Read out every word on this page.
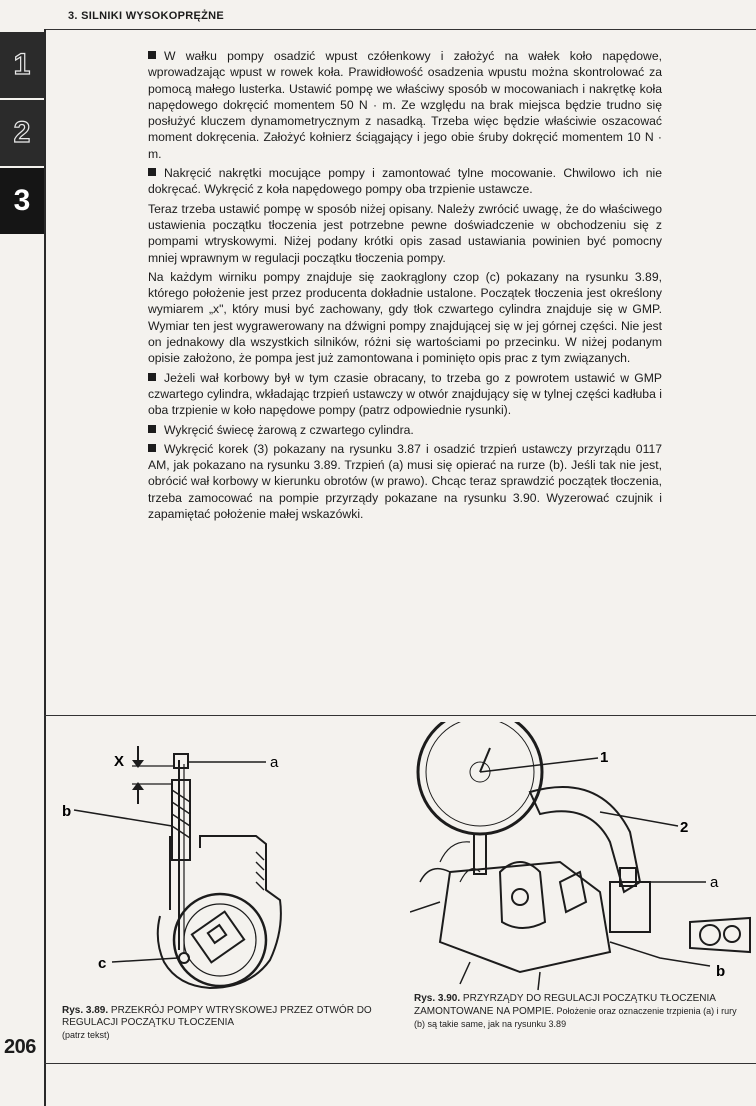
3. SILNIKI WYSOKOPRĘŻNE
1
2
3

W wałku pompy osadzić wpust czółenkowy i założyć na wałek koło napędowe, wprowadzając wpust w rowek koła. Prawidłowość osadzenia wpustu można skontrolować za pomocą małego lusterka. Ustawić pompę we właściwy sposób w mocowaniach i nakrętkę koła napędowego dokręcić momentem 50 N · m. Ze względu na brak miejsca będzie trudno się posłużyć kluczem dynamometrycznym z nasadką. Trzeba więc będzie właściwie oszacować moment dokręcenia. Założyć kołnierz ściągający i jego obie śruby dokręcić momentem 10 N · m.

Nakręcić nakrętki mocujące pompy i zamontować tylne mocowanie. Chwilowo ich nie dokręcać. Wykręcić z koła napędowego pompy oba trzpienie ustawcze.

Teraz trzeba ustawić pompę w sposób niżej opisany. Należy zwrócić uwagę, że do właściwego ustawienia początku tłoczenia jest potrzebne pewne doświadczenie w obchodzeniu się z pompami wtryskowymi. Niżej podany krótki opis zasad ustawiania powinien być pomocny mniej wprawnym w regulacji początku tłoczenia pompy.

Na każdym wirniku pompy znajduje się zaokrąglony czop (c) pokazany na rysunku 3.89, którego położenie jest przez producenta dokładnie ustalone. Początek tłoczenia jest określony wymiarem „x", który musi być zachowany, gdy tłok czwartego cylindra znajduje się w GMP. Wymiar ten jest wygrawerowany na dźwigni pompy znajdującej się w jej górnej części. Nie jest on jednakowy dla wszystkich silników, różni się wartościami po przecinku. W niżej podanym opisie założono, że pompa jest już zamontowana i pominięto opis prac z tym związanych.

Jeżeli wał korbowy był w tym czasie obracany, to trzeba go z powrotem ustawić w GMP czwartego cylindra, wkładając trzpień ustawczy w otwór znajdujący się w tylnej części kadłuba i oba trzpienie w koło napędowe pompy (patrz odpowiednie rysunki).

Wykręcić świecę żarową z czwartego cylindra.

Wykręcić korek (3) pokazany na rysunku 3.87 i osadzić trzpień ustawczy przyrządu 0117 AM, jak pokazano na rysunku 3.89. Trzpień (a) musi się opierać na rurze (b). Jeśli tak nie jest, obrócić wał korbowy w kierunku obrotów (w prawo). Chcąc teraz sprawdzić początek tłoczenia, trzeba zamocować na pompie przyrządy pokazane na rysunku 3.90. Wyzerować czujnik i zapamiętać położenie małej wskazówki.

X	a
b
c
1
2
a
b
Rys. 3.89. PRZEKRÓJ POMPY WTRYSKOWEJ PRZEZ OTWÓR DO REGULACJI POCZĄTKU TŁOCZENIA
(patrz tekst)
Rys. 3.90. PRZYRZĄDY DO REGULACJI POCZĄTKU TŁOCZENIA ZAMONTOWANE NA POMPIE. Położenie oraz oznaczenie trzpienia (a) i rury (b) są takie same, jak na rysunku 3.89
206
